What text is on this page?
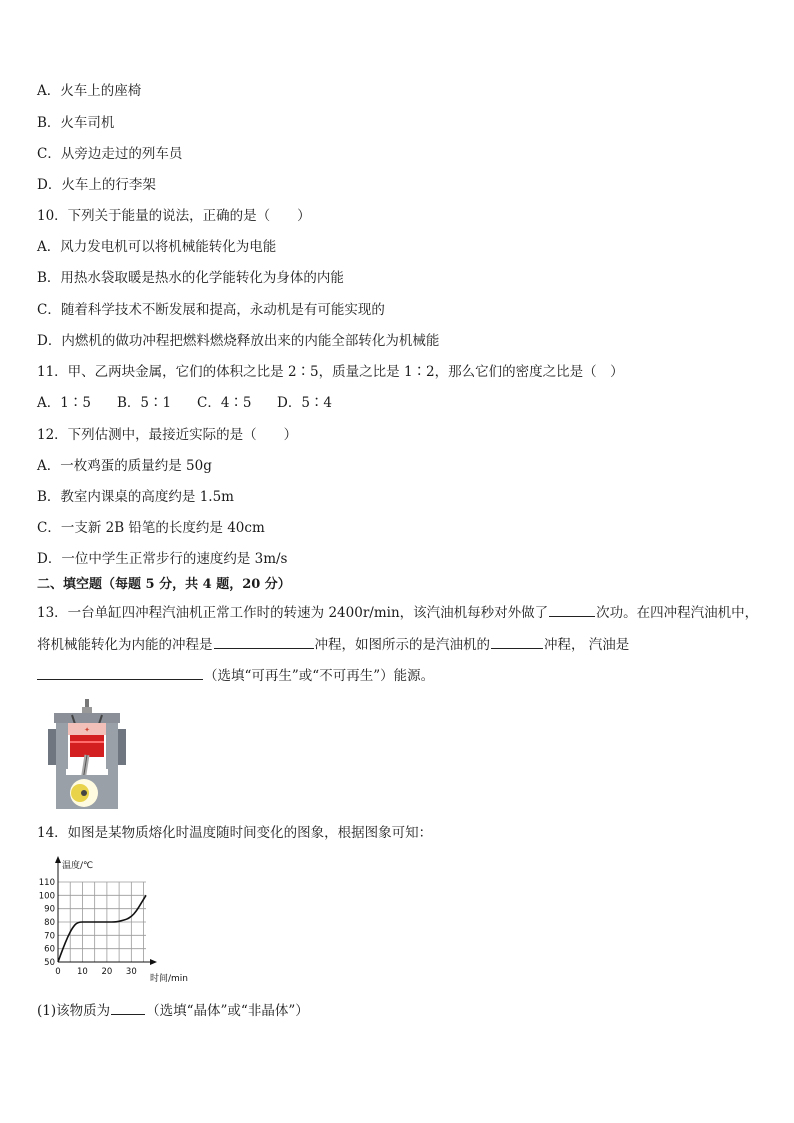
A．火车上的座椅
B．火车司机
C．从旁边走过的列车员
D．火车上的行李架
10．下列关于能量的说法，正确的是（　　）
A．风力发电机可以将机械能转化为电能
B．用热水袋取暖是热水的化学能转化为身体的内能
C．随着科学技术不断发展和提高，永动机是有可能实现的
D．内燃机的做功冲程把燃料燃烧释放出来的内能全部转化为机械能
11．甲、乙两块金属，它们的体积之比是 2∶5，质量之比是 1∶2，那么它们的密度之比是（　）
A．1∶5 B．5∶1 C．4∶5 D．5∶4
12．下列估测中，最接近实际的是（　　）
A．一枚鸡蛋的质量约是 50g
B．教室内课桌的高度约是 1.5m
C．一支新 2B 铅笔的长度约是 40cm
D．一位中学生正常步行的速度约是 3m/s
二、填空题（每题 5 分，共 4 题，20 分）
13．一台单缸四冲程汽油机正常工作时的转速为 2400r/min，该汽油机每秒对外做了	次功。在四冲程汽油机中，
将机械能转化为内能的冲程是	冲程，如图所示的是汽油机的	冲程， 汽油是
（选填“可再生”或“不可再生”）能源。
✦
14．如图是某物质熔化时温度随时间变化的图象，根据图象可知：
50
60
70
80
90
100
110
0 10 20 30
温度/℃
时间/min
(1)该物质为	（选填“晶体”或“非晶体”）
